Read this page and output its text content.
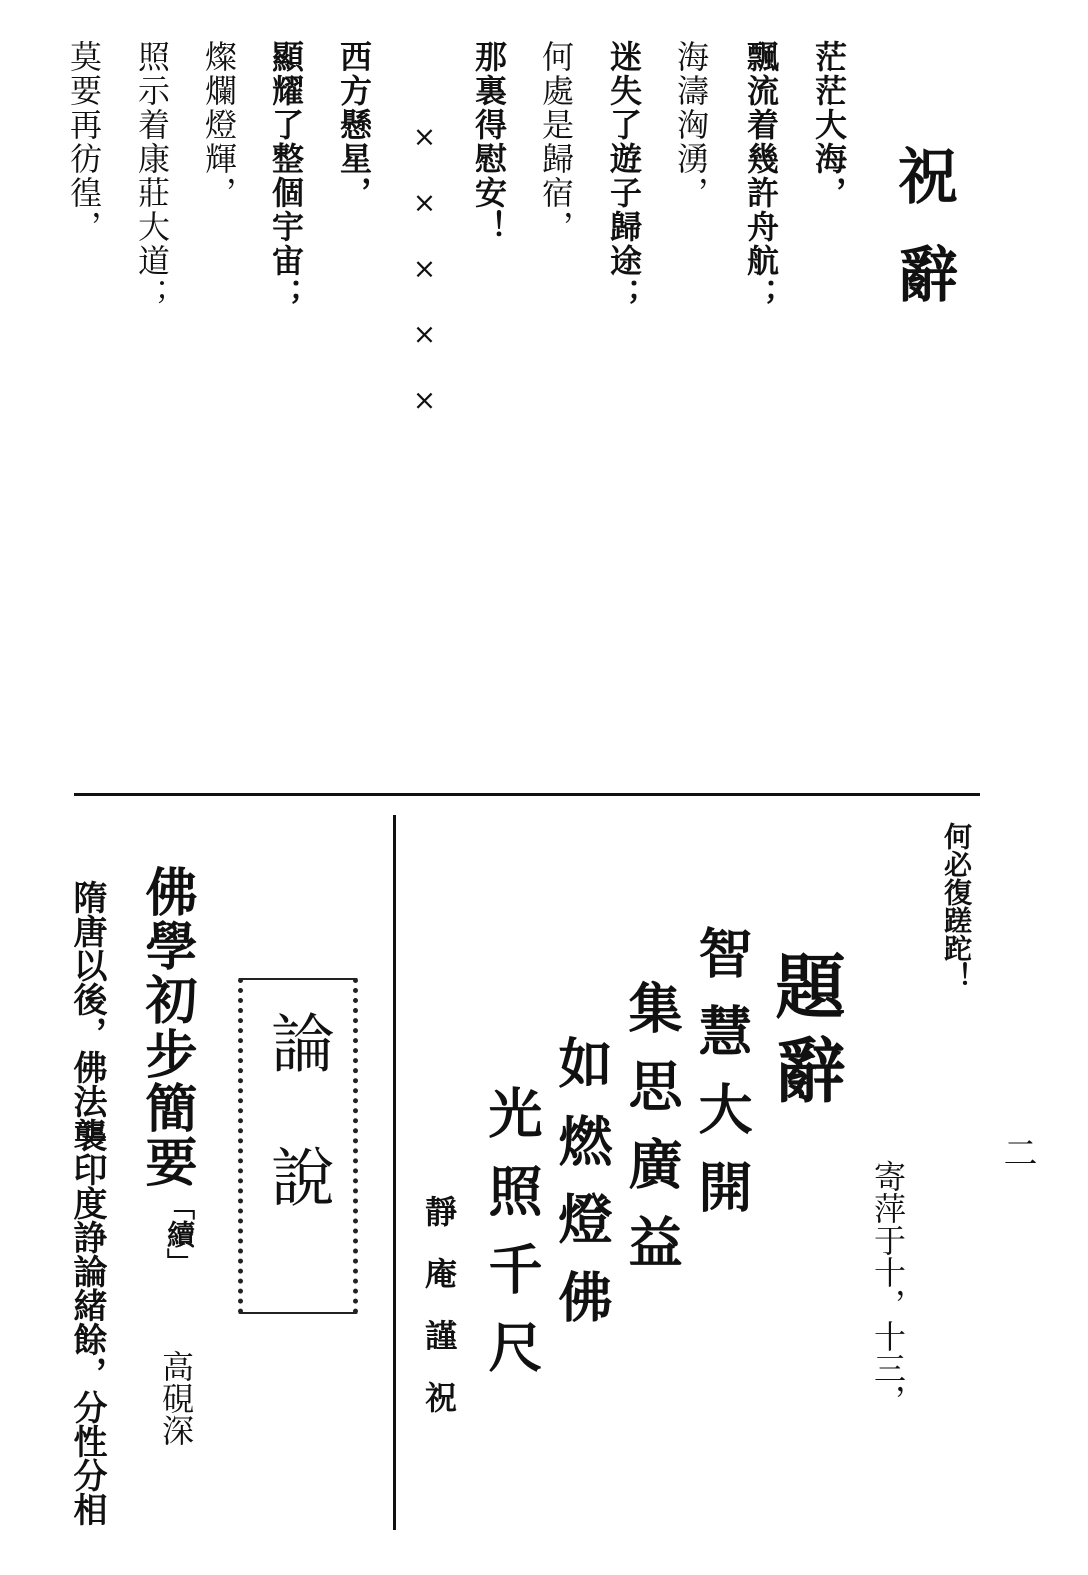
祝辭
茫茫大海，
飄流着幾許舟航；
海濤洶湧，
迷失了遊子歸途；
何處是歸宿，
那裏得慰安！
× × × × ×
西方懸星，
顯耀了整個宇宙；
燦爛燈輝，
照示着康莊大道；
莫要再彷徨，
何必復蹉跎！
二
寄萍于十，十三，
題辭
智慧大開
集思廣益
如燃燈佛
光照千尺
靜庵謹祝
論說
佛學初步簡要
「續」
高硯深
隋唐以後，佛法襲印度諍論緒餘，分性分相
